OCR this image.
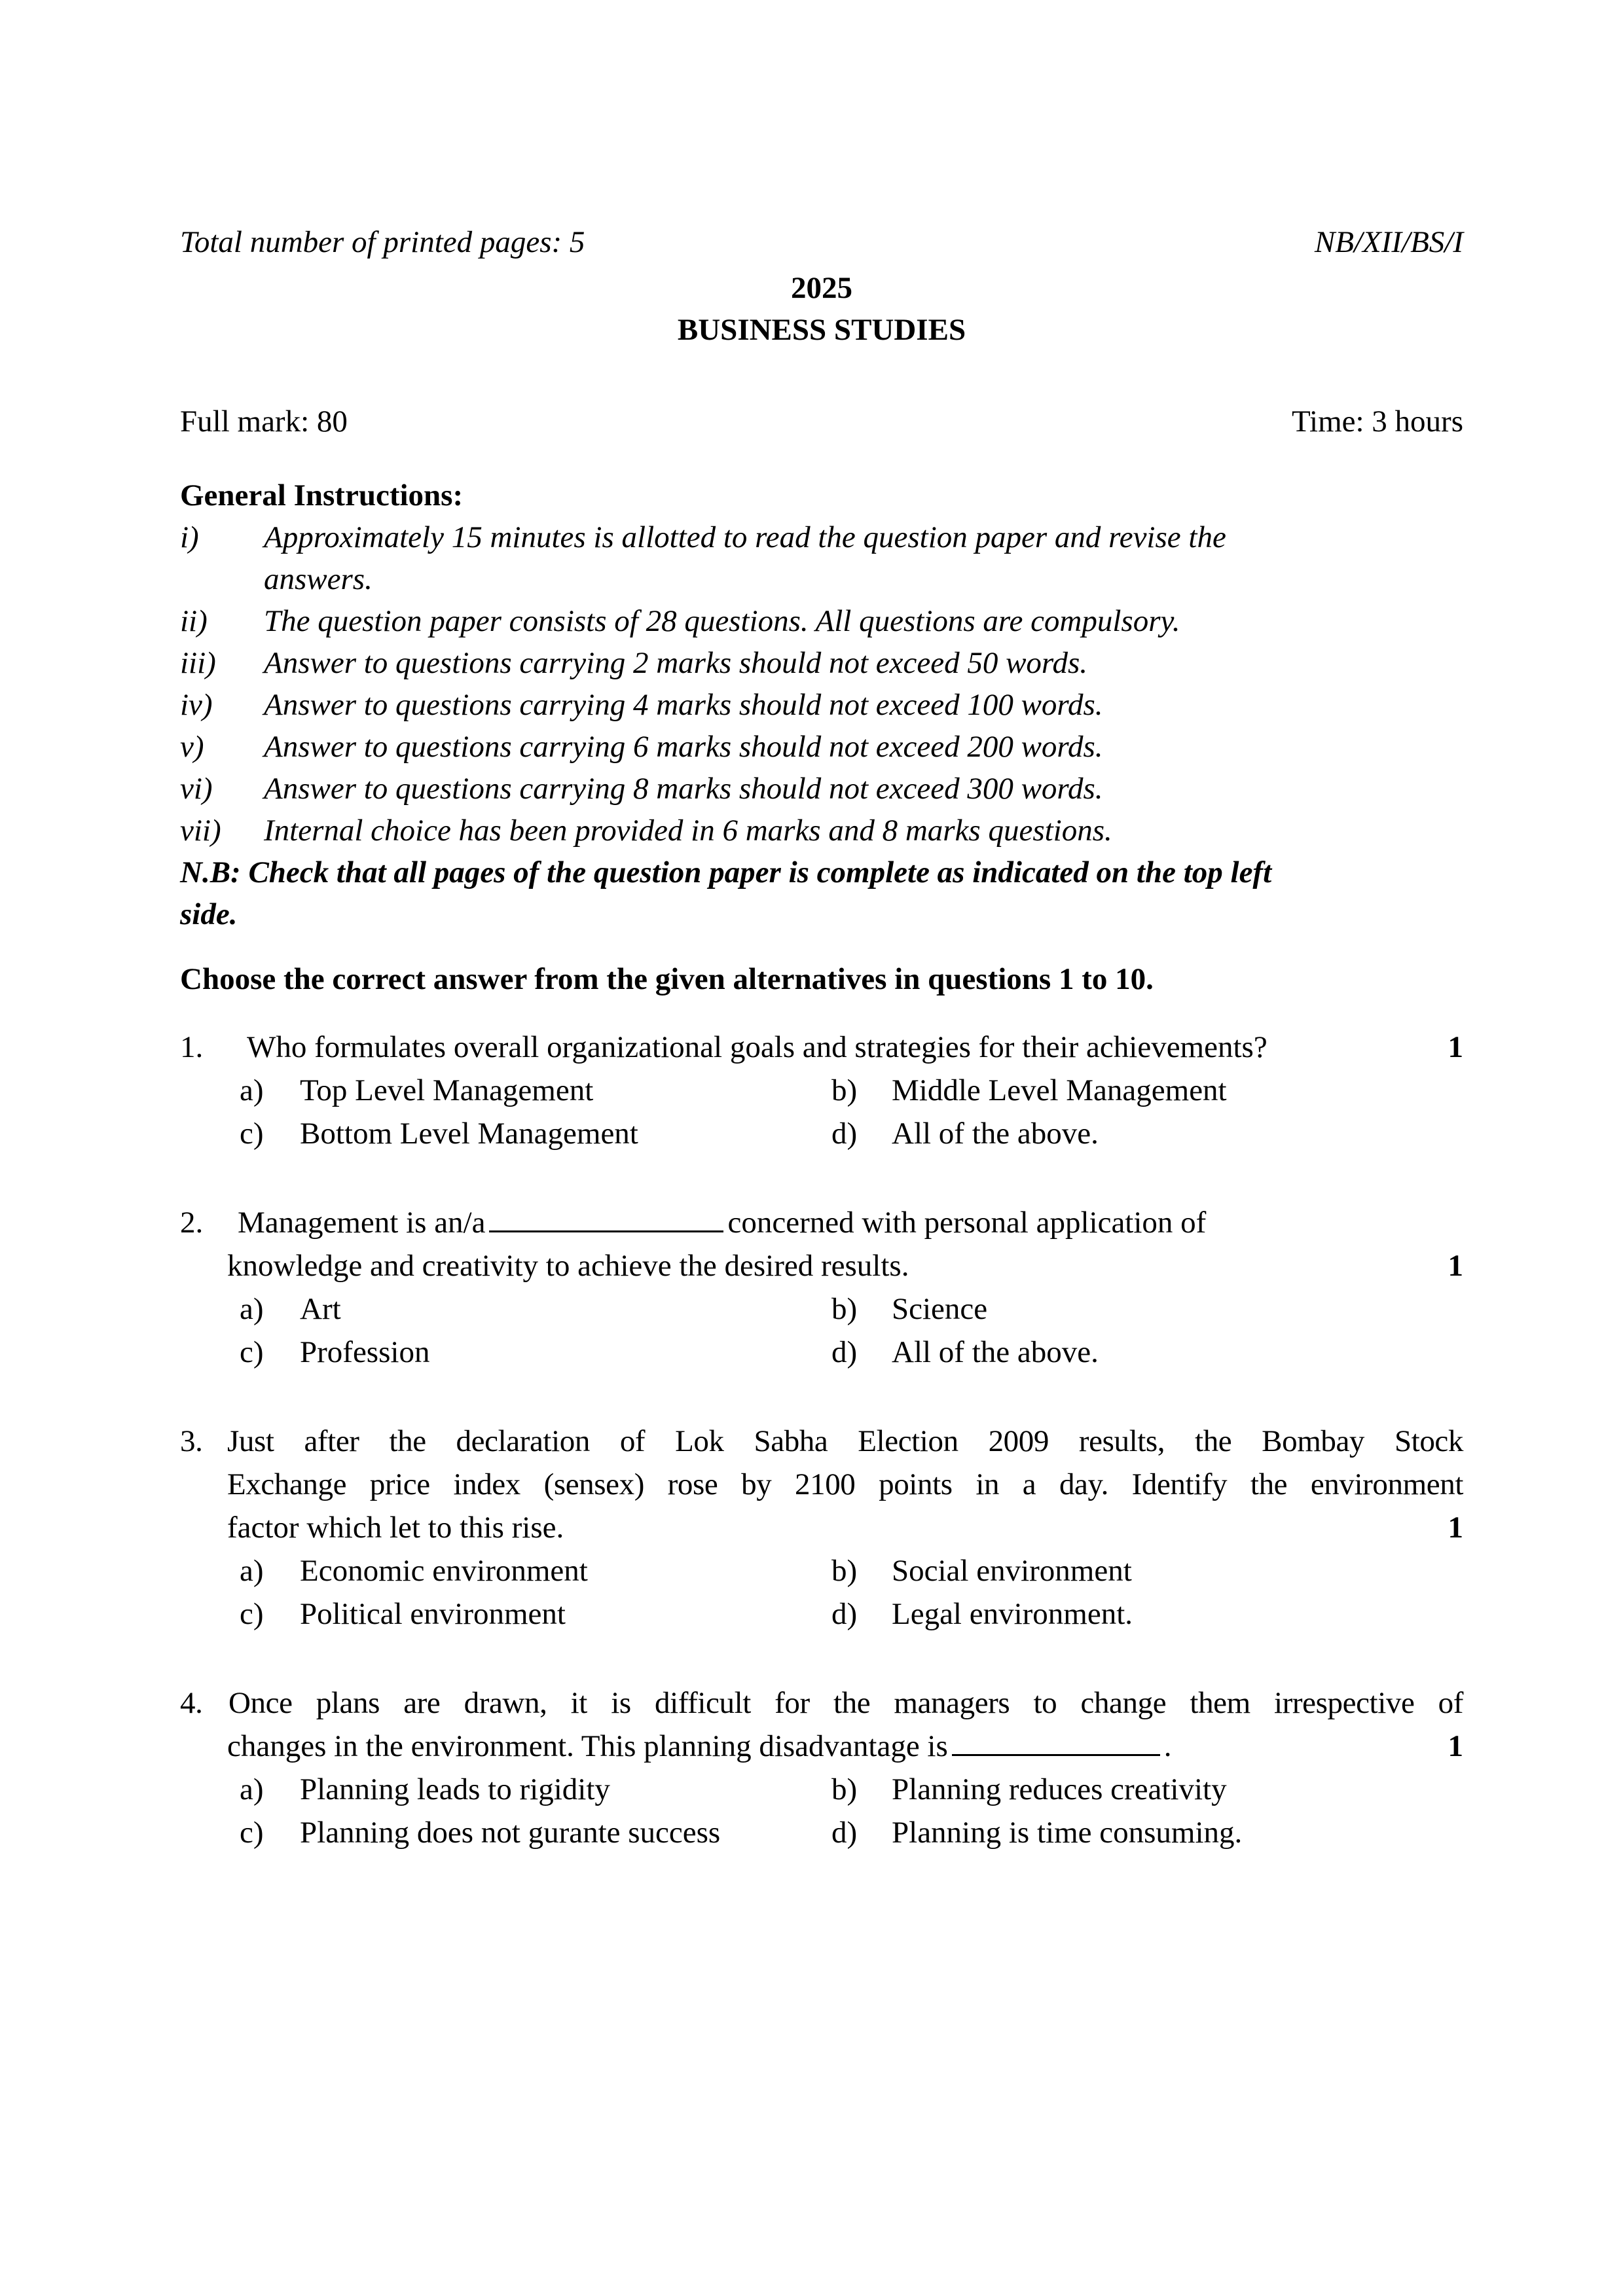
Total number of printed pages: 5	NB/XII/BS/I
2025
BUSINESS STUDIES
Full mark: 80	Time: 3 hours
General Instructions:
i) Approximately 15 minutes is allotted to read the question paper and revise the
answers.
ii) The question paper consists of 28 questions. All questions are compulsory.
iii) Answer to questions carrying 2 marks should not exceed 50 words.
iv) Answer to questions carrying 4 marks should not exceed 100 words.
v) Answer to questions carrying 6 marks should not exceed 200 words.
vi) Answer to questions carrying 8 marks should not exceed 300 words.
vii) Internal choice has been provided in 6 marks and 8 marks questions.
N.B: Check that all pages of the question paper is complete as indicated on the top left
side.
Choose the correct answer from the given alternatives in questions 1 to 10.
1. Who formulates overall organizational goals and strategies for their achievements?	1
a) Top Level Management	b) Middle Level Management
c) Bottom Level Management	d) All of the above.
2. Management is an/a	concerned with personal application of
knowledge and creativity to achieve the desired results.	1
a) Art	b) Science
c) Profession	d) All of the above.
3. Just after the declaration of Lok Sabha Election 2009 results, the Bombay Stock
Exchange price index (sensex) rose by 2100 points in a day. Identify the environment
factor which let to this rise.	1
a) Economic environment	b) Social environment
c) Political environment	d) Legal environment.
4. Once plans are drawn, it is difficult for the managers to change them irrespective of
changes in the environment. This planning disadvantage is	.	1
a) Planning leads to rigidity	b) Planning reduces creativity
c) Planning does not gurante success	d) Planning is time consuming.
